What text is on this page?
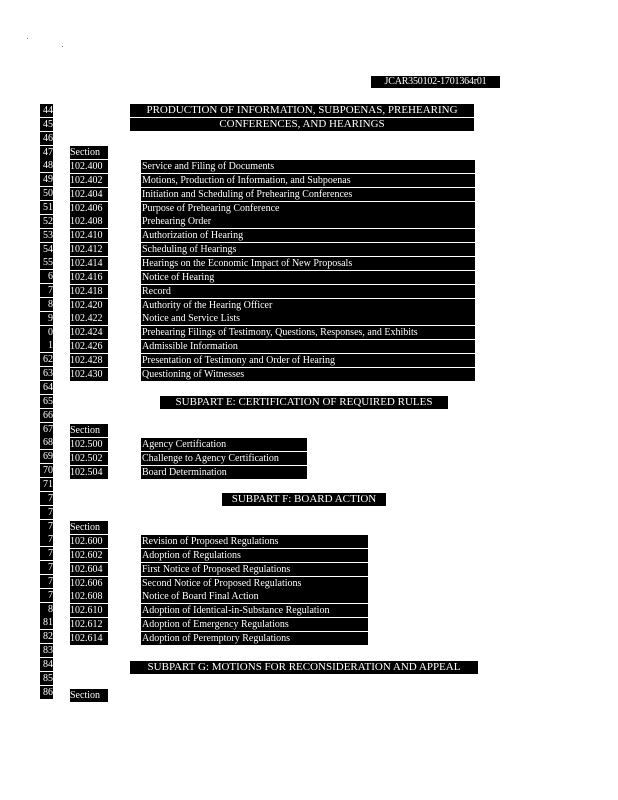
JCAR350102-1701364r01
44
45
46
47
48
49
50
51
52
53
54
55
6
7
8
9
0
1
62
63
64
65
66
67
68
69
70
71
7
7
7
7
7
7
7
7
8
81
82
83
84
85
86
PRODUCTION OF INFORMATION, SUBPOENAS, PREHEARING
CONFERENCES, AND HEARINGS
Section
102.400	Service and Filing of Documents
102.402	Motions, Production of Information, and Subpoenas
102.404	Initiation and Scheduling of Prehearing Conferences
102.406	Purpose of Prehearing Conference
102.408	Prehearing Order
102.410	Authorization of Hearing
102.412	Scheduling of Hearings
102.414	Hearings on the Economic Impact of New Proposals
102.416	Notice of Hearing
102.418	Record
102.420	Authority of the Hearing Officer
102.422	Notice and Service Lists
102.424	Prehearing Filings of Testimony, Questions, Responses, and Exhibits
102.426	Admissible Information
102.428	Presentation of Testimony and Order of Hearing
102.430	Questioning of Witnesses
SUBPART E: CERTIFICATION OF REQUIRED RULES
Section
102.500	Agency Certification
102.502	Challenge to Agency Certification
102.504	Board Determination
SUBPART F: BOARD ACTION
Section
102.600	Revision of Proposed Regulations
102.602	Adoption of Regulations
102.604	First Notice of Proposed Regulations
102.606	Second Notice of Proposed Regulations
102.608	Notice of Board Final Action
102.610	Adoption of Identical-in-Substance Regulation
102.612	Adoption of Emergency Regulations
102.614	Adoption of Peremptory Regulations
SUBPART G: MOTIONS FOR RECONSIDERATION AND APPEAL
Section
